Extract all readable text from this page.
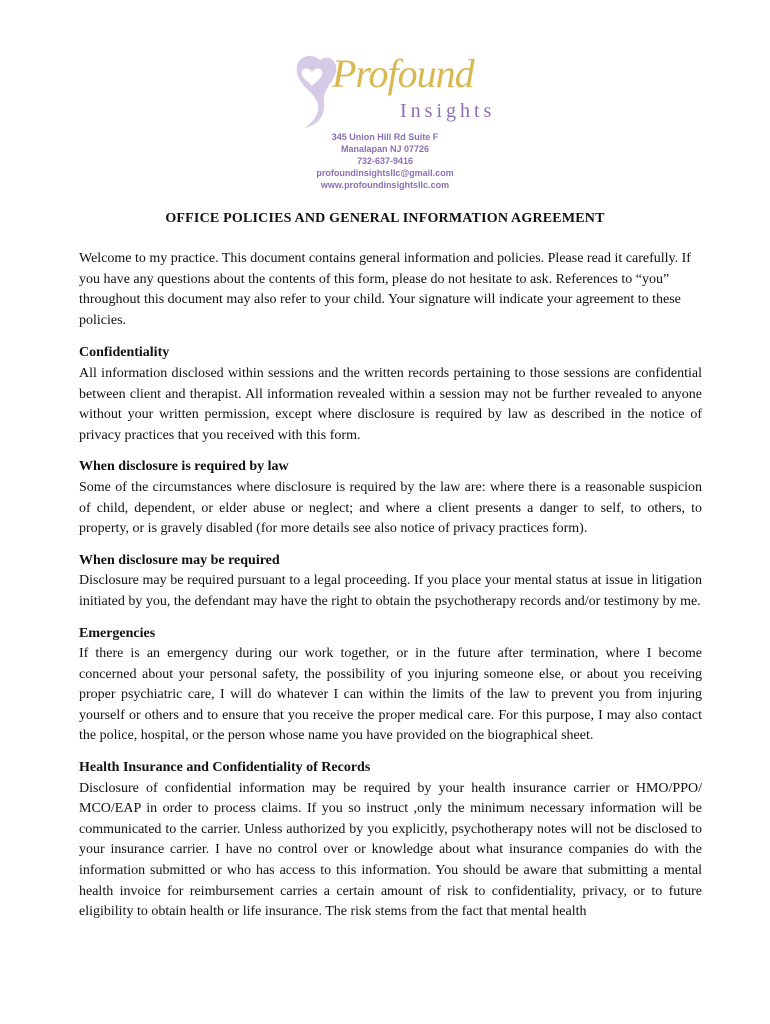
Profound
Insights
345 Union Hill Rd Suite F
Manalapan NJ 07726
732-637-9416
profoundinsightsllc@gmail.com
www.profoundinsightsllc.com
OFFICE POLICIES AND GENERAL INFORMATION AGREEMENT

Welcome to my practice. This document contains general information and policies. Please read it carefully. If you have any questions about the contents of this form, please do not hesitate to ask. References to “you” throughout this document may also refer to your child. Your signature will indicate your agreement to these policies.

Confidentiality

All information disclosed within sessions and the written records pertaining to those sessions are confidential between client and therapist. All information revealed within a session may not be further revealed to anyone without your written permission, except where disclosure is required by law as described in the notice of privacy practices that you received with this form.

When disclosure is required by law

Some of the circumstances where disclosure is required by the law are: where there is a reasonable suspicion of child, dependent, or elder abuse or neglect; and where a client presents a danger to self, to others, to property, or is gravely disabled (for more details see also notice of privacy practices form).

When disclosure may be required

Disclosure may be required pursuant to a legal proceeding. If you place your mental status at issue in litigation initiated by you, the defendant may have the right to obtain the psychotherapy records and/or testimony by me.

Emergencies

If there is an emergency during our work together, or in the future after termination, where I become concerned about your personal safety, the possibility of you injuring someone else, or about you receiving proper psychiatric care, I will do whatever I can within the limits of the law to prevent you from injuring yourself or others and to ensure that you receive the proper medical care. For this purpose, I may also contact the police, hospital, or the person whose name you have provided on the biographical sheet.

Health Insurance and Confidentiality of Records

Disclosure of confidential information may be required by your health insurance carrier or HMO/PPO/ MCO/EAP in order to process claims. If you so instruct ,only the minimum necessary information will be communicated to the carrier. Unless authorized by you explicitly, psychotherapy notes will not be disclosed to your insurance carrier. I have no control over or knowledge about what insurance companies do with the information submitted or who has access to this information. You should be aware that submitting a mental health invoice for reimbursement carries a certain amount of risk to confidentiality, privacy, or to future eligibility to obtain health or life insurance. The risk stems from the fact that mental health
